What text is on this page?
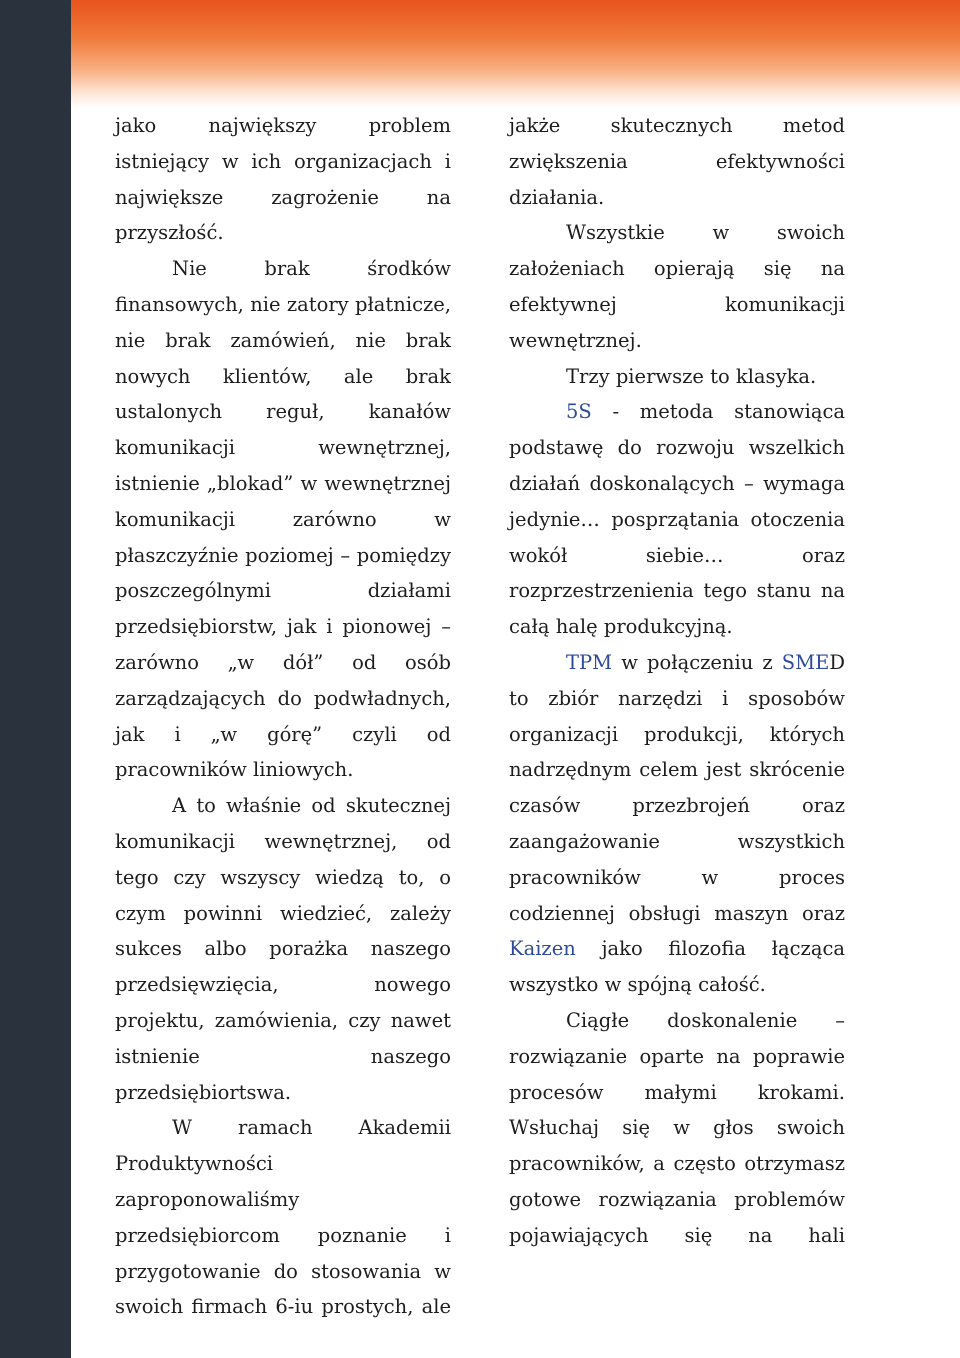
jako największy problem istniejący w ich organizacjach i największe zagrożenie na przyszłość.

Nie brak środków finansowych, nie zatory płatnicze, nie brak zamówień, nie brak nowych klientów, ale brak ustalonych reguł, kanałów komunikacji wewnętrznej, istnienie „blokad” w wewnętrznej komunikacji zarówno w płaszczyźnie poziomej – pomiędzy poszczególnymi działami przedsiębiorstw, jak i pionowej – zarówno „w dół” od osób zarządzających do podwładnych, jak i „w górę” czyli od pracowników liniowych.

A to właśnie od skutecznej komunikacji wewnętrznej, od tego czy wszyscy wiedzą to, o czym powinni wiedzieć, zależy sukces albo porażka naszego przedsięwzięcia, nowego projektu, zamówienia, czy nawet istnienie naszego przedsiębiortswa.

W ramach Akademii Produktywności zaproponowaliśmy przedsiębiorcom poznanie i przygotowanie do stosowania w swoich firmach 6-iu prostych, ale

jakże skutecznych metod zwiększenia efektywności działania.

Wszystkie w swoich założeniach opierają się na efektywnej komunikacji wewnętrznej.

Trzy pierwsze to klasyka.

5S - metoda stanowiąca podstawę do rozwoju wszelkich działań doskonalących – wymaga jedynie… posprzątania otoczenia wokół siebie… oraz rozprzestrzenienia tego stanu na całą halę produkcyjną.

TPM w połączeniu z SMED to zbiór narzędzi i sposobów organizacji produkcji, których nadrzędnym celem jest skrócenie czasów przezbrojeń oraz zaangażowanie wszystkich pracowników w proces codziennej obsługi maszyn oraz Kaizen jako filozofia łącząca wszystko w spójną całość.

Ciągłe doskonalenie – rozwiązanie oparte na poprawie procesów małymi krokami. Wsłuchaj się w głos swoich pracowników, a często otrzymasz gotowe rozwiązania problemów pojawiających się na hali
